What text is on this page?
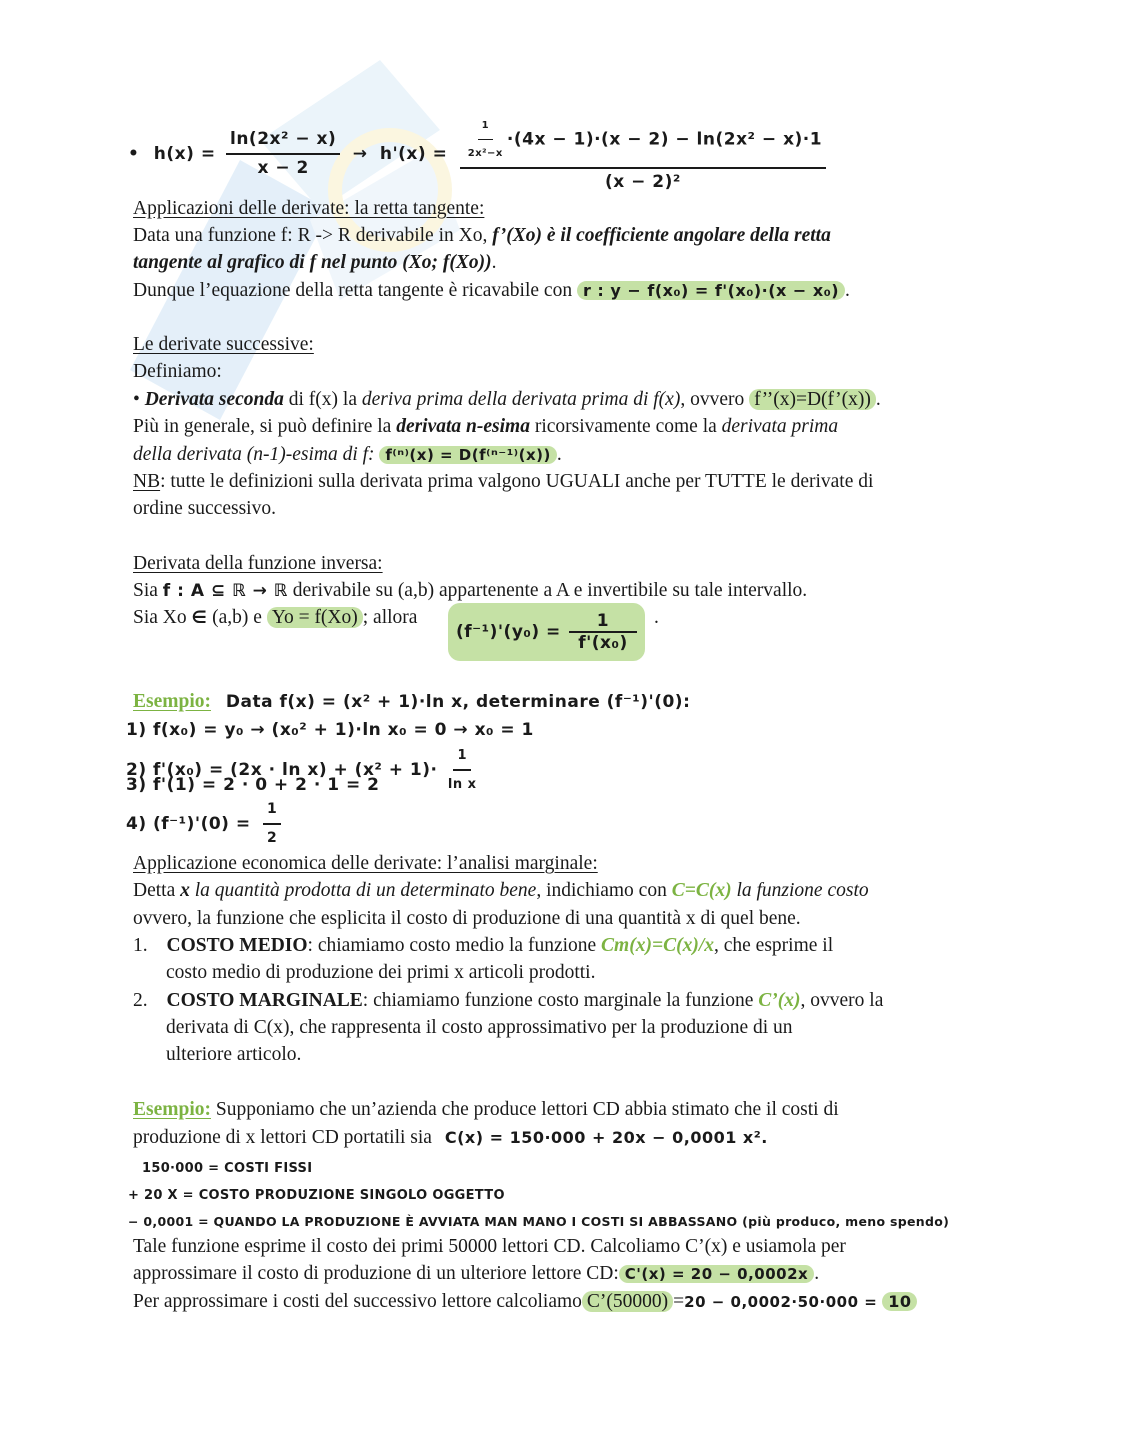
• $h(x) = \frac{\text{ln(2x² − x)}}{x - 2} \to h'(x) = \frac{\frac{1}{\text{2x²−x}} \cdot(4x - 1)\cdot(x - 2) - \ln(2x^2 - x)\cdot 1}{\text{(x − 2)²}}$
Applicazioni delle derivate: la retta tangente:
Data una funzione f: R -> R derivabile in Xo, f’(Xo) è il coefficiente angolare della retta
tangente al grafico di f nel punto (Xo; f(Xo)).
Dunque l’equazione della retta tangente è ricavabile con r : y − f(x₀) = f'(x₀)·(x − x₀) .
Le derivate successive:
Definiamo:
• Derivata seconda di f(x) la deriva prima della derivata prima di f(x), ovvero f’’(x)=D(f’(x)) .
Più in generale, si può definire la derivata n-esima ricorsivamente come la derivata prima
della derivata (n-1)-esima di f: f⁽ⁿ⁾(x) = D(f⁽ⁿ⁻¹⁾(x)) .
NB: tutte le definizioni sulla derivata prima valgono UGUALI anche per TUTTE le derivate di
ordine successivo.
Derivata della funzione inversa:
Sia f : A ⊆ ℝ → ℝ derivabile su (a,b) appartenente a A e invertibile su tale intervallo.
Sia Xo ∈ (a,b) e Yo = f(Xo) ; allora
$(f^{-1})'(y_0) = \frac{1}{\text{f'(x₀)}}$ .
Esempio: Data f(x) = (x² + 1)·ln x, determinare (f⁻¹)'(0):
1) f(x₀) = y₀ → (x₀² + 1)·ln x₀ = 0 → x₀ = 1
2) $f'(x_0) = (2x \cdot \ln x) + (x^2 + 1)\cdot \frac{1}{\text{ln x}}$
3) f'(1) = 2 · 0 + 2 · 1 = 2
4) $(f^{-1})'(0) = \frac{1}{2}$
Applicazione economica delle derivate: l’analisi marginale:
Detta x la quantità prodotta di un determinato bene, indichiamo con C=C(x) la funzione costo
ovvero, la funzione che esplicita il costo di produzione di una quantità x di quel bene.
1. COSTO MEDIO: chiamiamo costo medio la funzione Cm(x)=C(x)/x, che esprime il
costo medio di produzione dei primi x articoli prodotti.
2. COSTO MARGINALE: chiamiamo funzione costo marginale la funzione C’(x), ovvero la
derivata di C(x), che rappresenta il costo approssimativo per la produzione di un
ulteriore articolo.
Esempio: Supponiamo che un’azienda che produce lettori CD abbia stimato che il costi di
produzione di x lettori CD portatili sia C(x) = 150·000 + 20x − 0,0001 x².
150·000 = COSTI FISSI
+ 20 X = COSTO PRODUZIONE SINGOLO OGGETTO
− 0,0001 = QUANDO LA PRODUZIONE È AVVIATA MAN MANO I COSTI SI ABBASSANO (più produco, meno spendo)
Tale funzione esprime il costo dei primi 50000 lettori CD. Calcoliamo C’(x) e usiamola per
approssimare il costo di produzione di un ulteriore lettore CD: C'(x) = 20 − 0,0002x .
Per approssimare i costi del successivo lettore calcoliamo C’(50000) =20 − 0,0002·50·000 = 10
